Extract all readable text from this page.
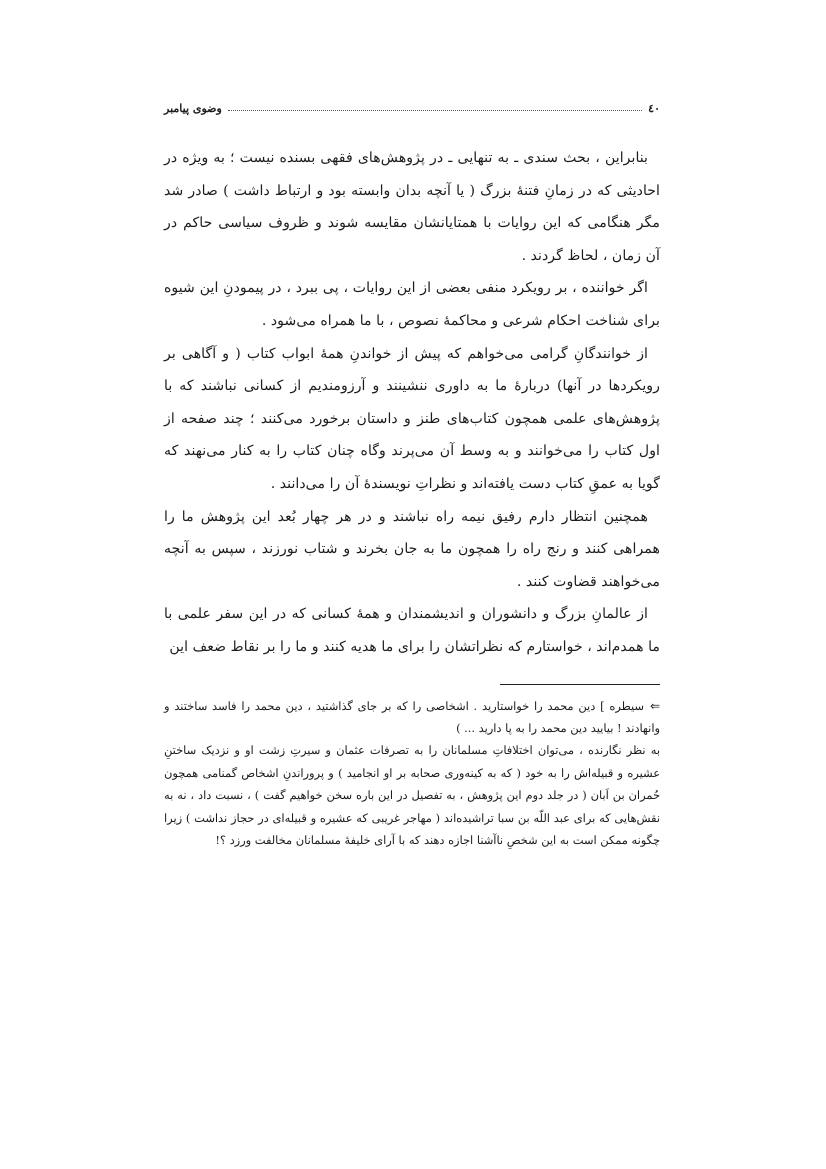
٤٠
وضوی پیامبر

بنابراین ، بحث سندی ـ به تنهایی ـ در پژوهش‌های فقهی بسنده نیست ؛ به ویژه در احادیثی که در زمانِ فتنهٔ بزرگ ( یا آنچه بدان وابسته بود و ارتباط داشت ) صادر شد مگر هنگامی که این روایات با همتایانشان مقایسه شوند و ظروف سیاسی حاکم در آن زمان ، لحاظ گردند .

اگر خواننده ، بر رویکرد منفی بعضی از این روایات ، پی ببرد ، در پیمودنِ این شیوه برای شناخت احکام شرعی و محاکمهٔ نصوص ، با ما همراه می‌شود .

از خوانندگانِ گرامی می‌خواهم که پیش از خواندنِ همهٔ ابواب کتاب ( و آگاهی بر رویکردها در آنها) دربارهٔ ما به داوری ننشینند و آرزومندیم از کسانی نباشند که با پژوهش‌های علمی همچون کتاب‌های طنز و داستان برخورد می‌کنند ؛ چند صفحه از اول کتاب را می‌خوانند و به وسط آن می‌پرند وگاه چنان کتاب را به کنار می‌نهند که گویا به عمقِ کتاب دست یافته‌اند و نظراتِ نویسندهٔ آن را می‌دانند .

همچنین انتظار دارم رفیق نیمه راه نباشند و در هر چهار بُعد این پژوهش ما را همراهی کنند و رنج راه را همچون ما به جان بخرند و شتاب نورزند ، سپس به آنچه می‌خواهند قضاوت کنند .

از عالمانِ بزرگ و دانشوران و اندیشمندان و همهٔ کسانی که در این سفر علمی با ما همدم‌اند ، خواستارم که نظراتشان را برای ما هدیه کنند و ما را بر نقاط ضعف این

⇒سیطره ] دین محمد را خواستارید . اشخاصی را که بر جای گذاشتید ، دین محمد را فاسد ساختند و وانهادند ! بیایید دین محمد را به پا دارید ... )

به نظر نگارنده ، می‌توان اختلافاتِ مسلمانان را به تصرفات عثمان و سیرتِ زشت او و نزدیک ساختنِ عشیره و قبیله‌اش را به خود ( که به کینه‌وری صحابه بر او انجامید ) و پروراندنِ اشخاص گمنامی همچون حُمران بن اَبان ( در جلد دوم این پژوهش ، به تفصیل در این باره سخن خواهیم گفت ) ، نسبت داد ، نه به نقش‌هایی که برای عبد اللّه بن سبا تراشیده‌اند ( مهاجر غریبی که عشیره و قبیله‌ای در حجاز نداشت ) زیرا چگونه ممکن است به این شخصِ ناآشنا اجازه دهند که با آرای خلیفهٔ مسلمانان مخالفت ورزد ؟!
